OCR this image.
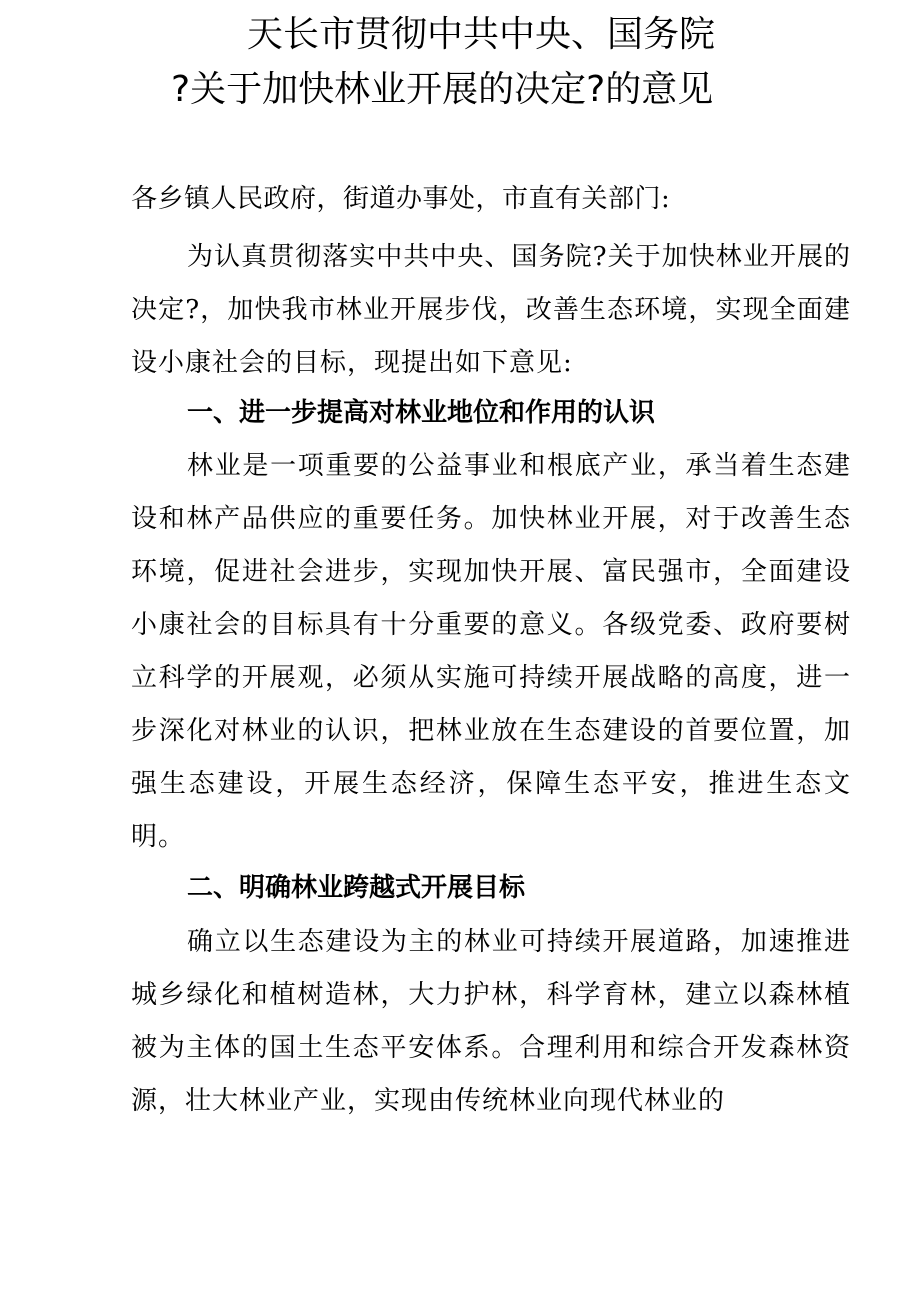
天长市贯彻中共中央、国务院
?关于加快林业开展的决定?的意见
各乡镇人民政府，街道办事处，市直有关部门:

为认真贯彻落实中共中央、国务院?关于加快林业开展的决定?，加快我市林业开展步伐，改善生态环境，实现全面建设小康社会的目标，现提出如下意见:

一、进一步提高对林业地位和作用的认识

林业是一项重要的公益事业和根底产业，承当着生态建设和林产品供应的重要任务。加快林业开展，对于改善生态环境，促进社会进步，实现加快开展、富民强市，全面建设小康社会的目标具有十分重要的意义。各级党委、政府要树立科学的开展观，必须从实施可持续开展战略的高度，进一步深化对林业的认识，把林业放在生态建设的首要位置，加强生态建设，开展生态经济，保障生态平安，推进生态文明。

二、明确林业跨越式开展目标

确立以生态建设为主的林业可持续开展道路，加速推进城乡绿化和植树造林，大力护林，科学育林，建立以森林植被为主体的国土生态平安体系。合理利用和综合开发森林资源，壮大林业产业，实现由传统林业向现代林业的
